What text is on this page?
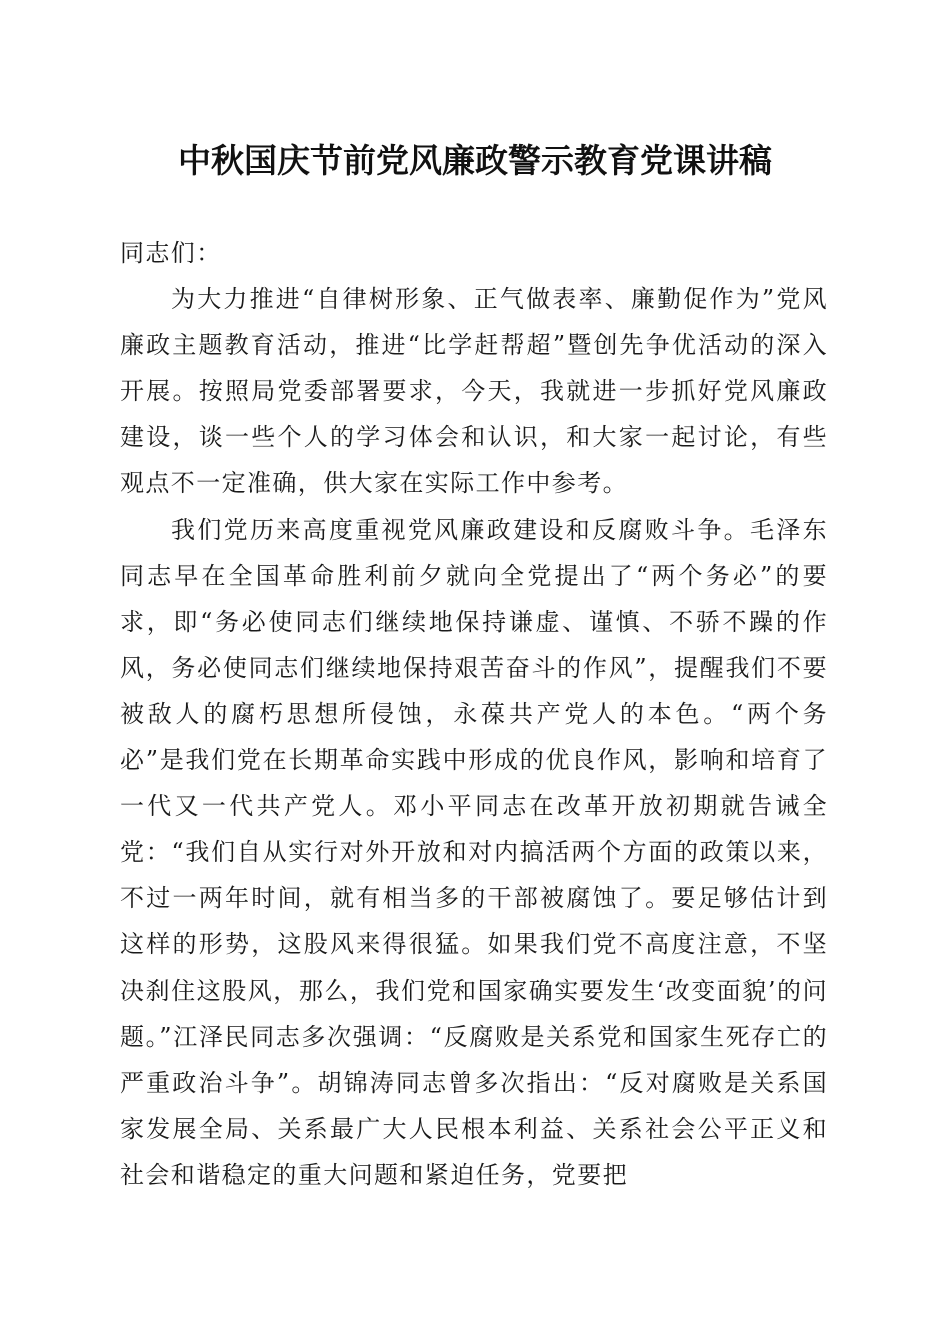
中秋国庆节前党风廉政警示教育党课讲稿

同志们：

为大力推进“自律树形象、正气做表率、廉勤促作为”党风廉政主题教育活动，推进“比学赶帮超”暨创先争优活动的深入开展。按照局党委部署要求，今天，我就进一步抓好党风廉政建设，谈一些个人的学习体会和认识，和大家一起讨论，有些观点不一定准确，供大家在实际工作中参考。

我们党历来高度重视党风廉政建设和反腐败斗争。毛泽东同志早在全国革命胜利前夕就向全党提出了“两个务必”的要求，即“务必使同志们继续地保持谦虚、谨慎、不骄不躁的作风，务必使同志们继续地保持艰苦奋斗的作风”，提醒我们不要被敌人的腐朽思想所侵蚀，永葆共产党人的本色。“两个务必”是我们党在长期革命实践中形成的优良作风，影响和培育了一代又一代共产党人。邓小平同志在改革开放初期就告诫全党：“我们自从实行对外开放和对内搞活两个方面的政策以来，不过一两年时间，就有相当多的干部被腐蚀了。要足够估计到这样的形势，这股风来得很猛。如果我们党不高度注意，不坚决刹住这股风，那么，我们党和国家确实要发生‘改变面貌’的问题。”江泽民同志多次强调：“反腐败是关系党和国家生死存亡的严重政治斗争”。胡锦涛同志曾多次指出：“反对腐败是关系国家发展全局、关系最广大人民根本利益、关系社会公平正义和社会和谐稳定的重大问题和紧迫任务，党要把
